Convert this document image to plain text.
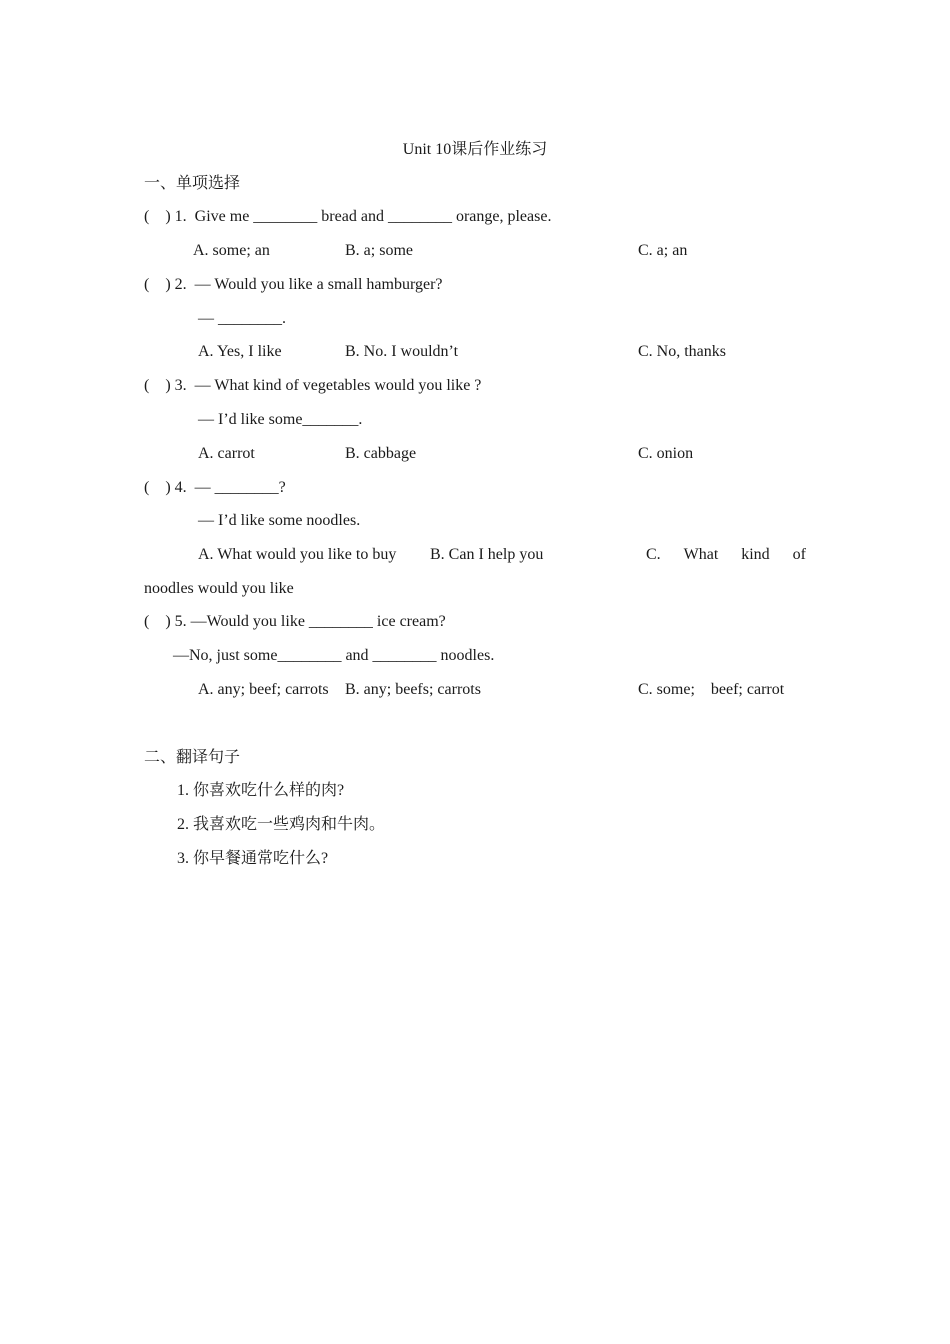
Unit 10课后作业练习
一、单项选择
(    ) 1.  Give me ________ bread and ________ orange, please.
A. some; an	B. a; some	C. a; an
(    ) 2.  — Would you like a small hamburger?
— ________.
A. Yes, I like	B. No. I wouldn’t	C. No, thanks
(    ) 3.  — What kind of vegetables would you like ?
— I’d like some_______.
A. carrot	B. cabbage	C. onion
(    ) 4.  — ________?
— I’d like some noodles.
A. What would you like to buy B. Can I help you	C. What kind of
noodles would you like
(    ) 5. —Would you like ________ ice cream?
—No, just some________ and ________ noodles.
A. any; beef; carrots B. any; beefs; carrots	C. some;    beef; carrot
二、翻译句子
1. 你喜欢吃什么样的肉?
2. 我喜欢吃一些鸡肉和牛肉。
3. 你早餐通常吃什么?
